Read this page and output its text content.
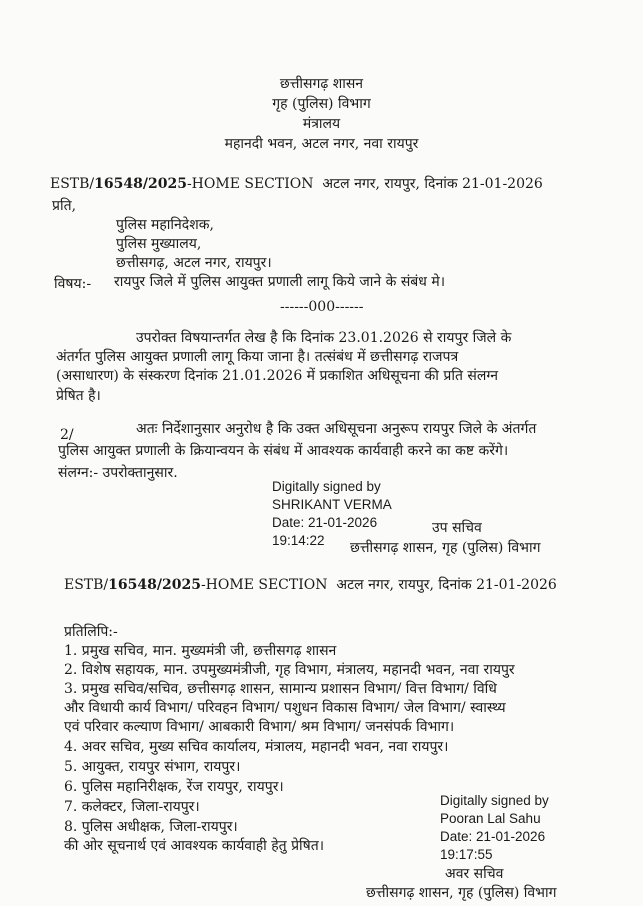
छत्तीसगढ़ शासन
गृह (पुलिस) विभाग
मंत्रालय
महानदी भवन, अटल नगर, नवा रायपुर
ESTB/16548/2025-HOME SECTION अटल नगर, रायपुर, दिनांक 21-01-2026
प्रति,
पुलिस महानिदेशक,
पुलिस मुख्यालय,
छत्तीसगढ़, अटल नगर, रायपुर।
विषय:- रायपुर जिले में पुलिस आयुक्त प्रणाली लागू किये जाने के संबंध मे।
------000------
उपरोक्त विषयान्तर्गत लेख है कि दिनांक 23.01.2026 से रायपुर जिले के
अंतर्गत पुलिस आयुक्त प्रणाली लागू किया जाना है। तत्संबंध में छत्तीसगढ़ राजपत्र
(असाधारण) के संस्करण दिनांक 21.01.2026 में प्रकाशित अधिसूचना की प्रति संलग्न
प्रेषित है।
2/	अतः निर्देशानुसार अनुरोध है कि उक्त अधिसूचना अनुरूप रायपुर जिले के अंतर्गत
पुलिस आयुक्त प्रणाली के क्रियान्वयन के संबंध में आवश्यक कार्यवाही करने का कष्ट करेंगे।
संलग्न:- उपरोक्तानुसार.
Digitally signed by
SHRIKANT VERMA
Date: 21-01-2026
19:14:22
उप सचिव
छत्तीसगढ़ शासन, गृह (पुलिस) विभाग
ESTB/16548/2025-HOME SECTION अटल नगर, रायपुर, दिनांक 21-01-2026
प्रतिलिपि:-
1. प्रमुख सचिव, मान. मुख्यमंत्री जी, छत्तीसगढ़ शासन
2. विशेष सहायक, मान. उपमुख्यमंत्रीजी, गृह विभाग, मंत्रालय, महानदी भवन, नवा रायपुर
3. प्रमुख सचिव/सचिव, छत्तीसगढ़ शासन, सामान्य प्रशासन विभाग/ वित्त विभाग/ विधि
और विधायी कार्य विभाग/ परिवहन विभाग/ पशुधन विकास विभाग/ जेल विभाग/ स्वास्थ्य
एवं परिवार कल्याण विभाग/ आबकारी विभाग/ श्रम विभाग/ जनसंपर्क विभाग।
4. अवर सचिव, मुख्य सचिव कार्यालय, मंत्रालय, महानदी भवन, नवा रायपुर।
5. आयुक्त, रायपुर संभाग, रायपुर।
6. पुलिस महानिरीक्षक, रेंज रायपुर, रायपुर।
7. कलेक्टर, जिला-रायपुर।
8. पुलिस अधीक्षक, जिला-रायपुर।
की ओर सूचनार्थ एवं आवश्यक कार्यवाही हेतु प्रेषित।
Digitally signed by
Pooran Lal Sahu
Date: 21-01-2026
19:17:55
अवर सचिव
छत्तीसगढ़ शासन, गृह (पुलिस) विभाग
